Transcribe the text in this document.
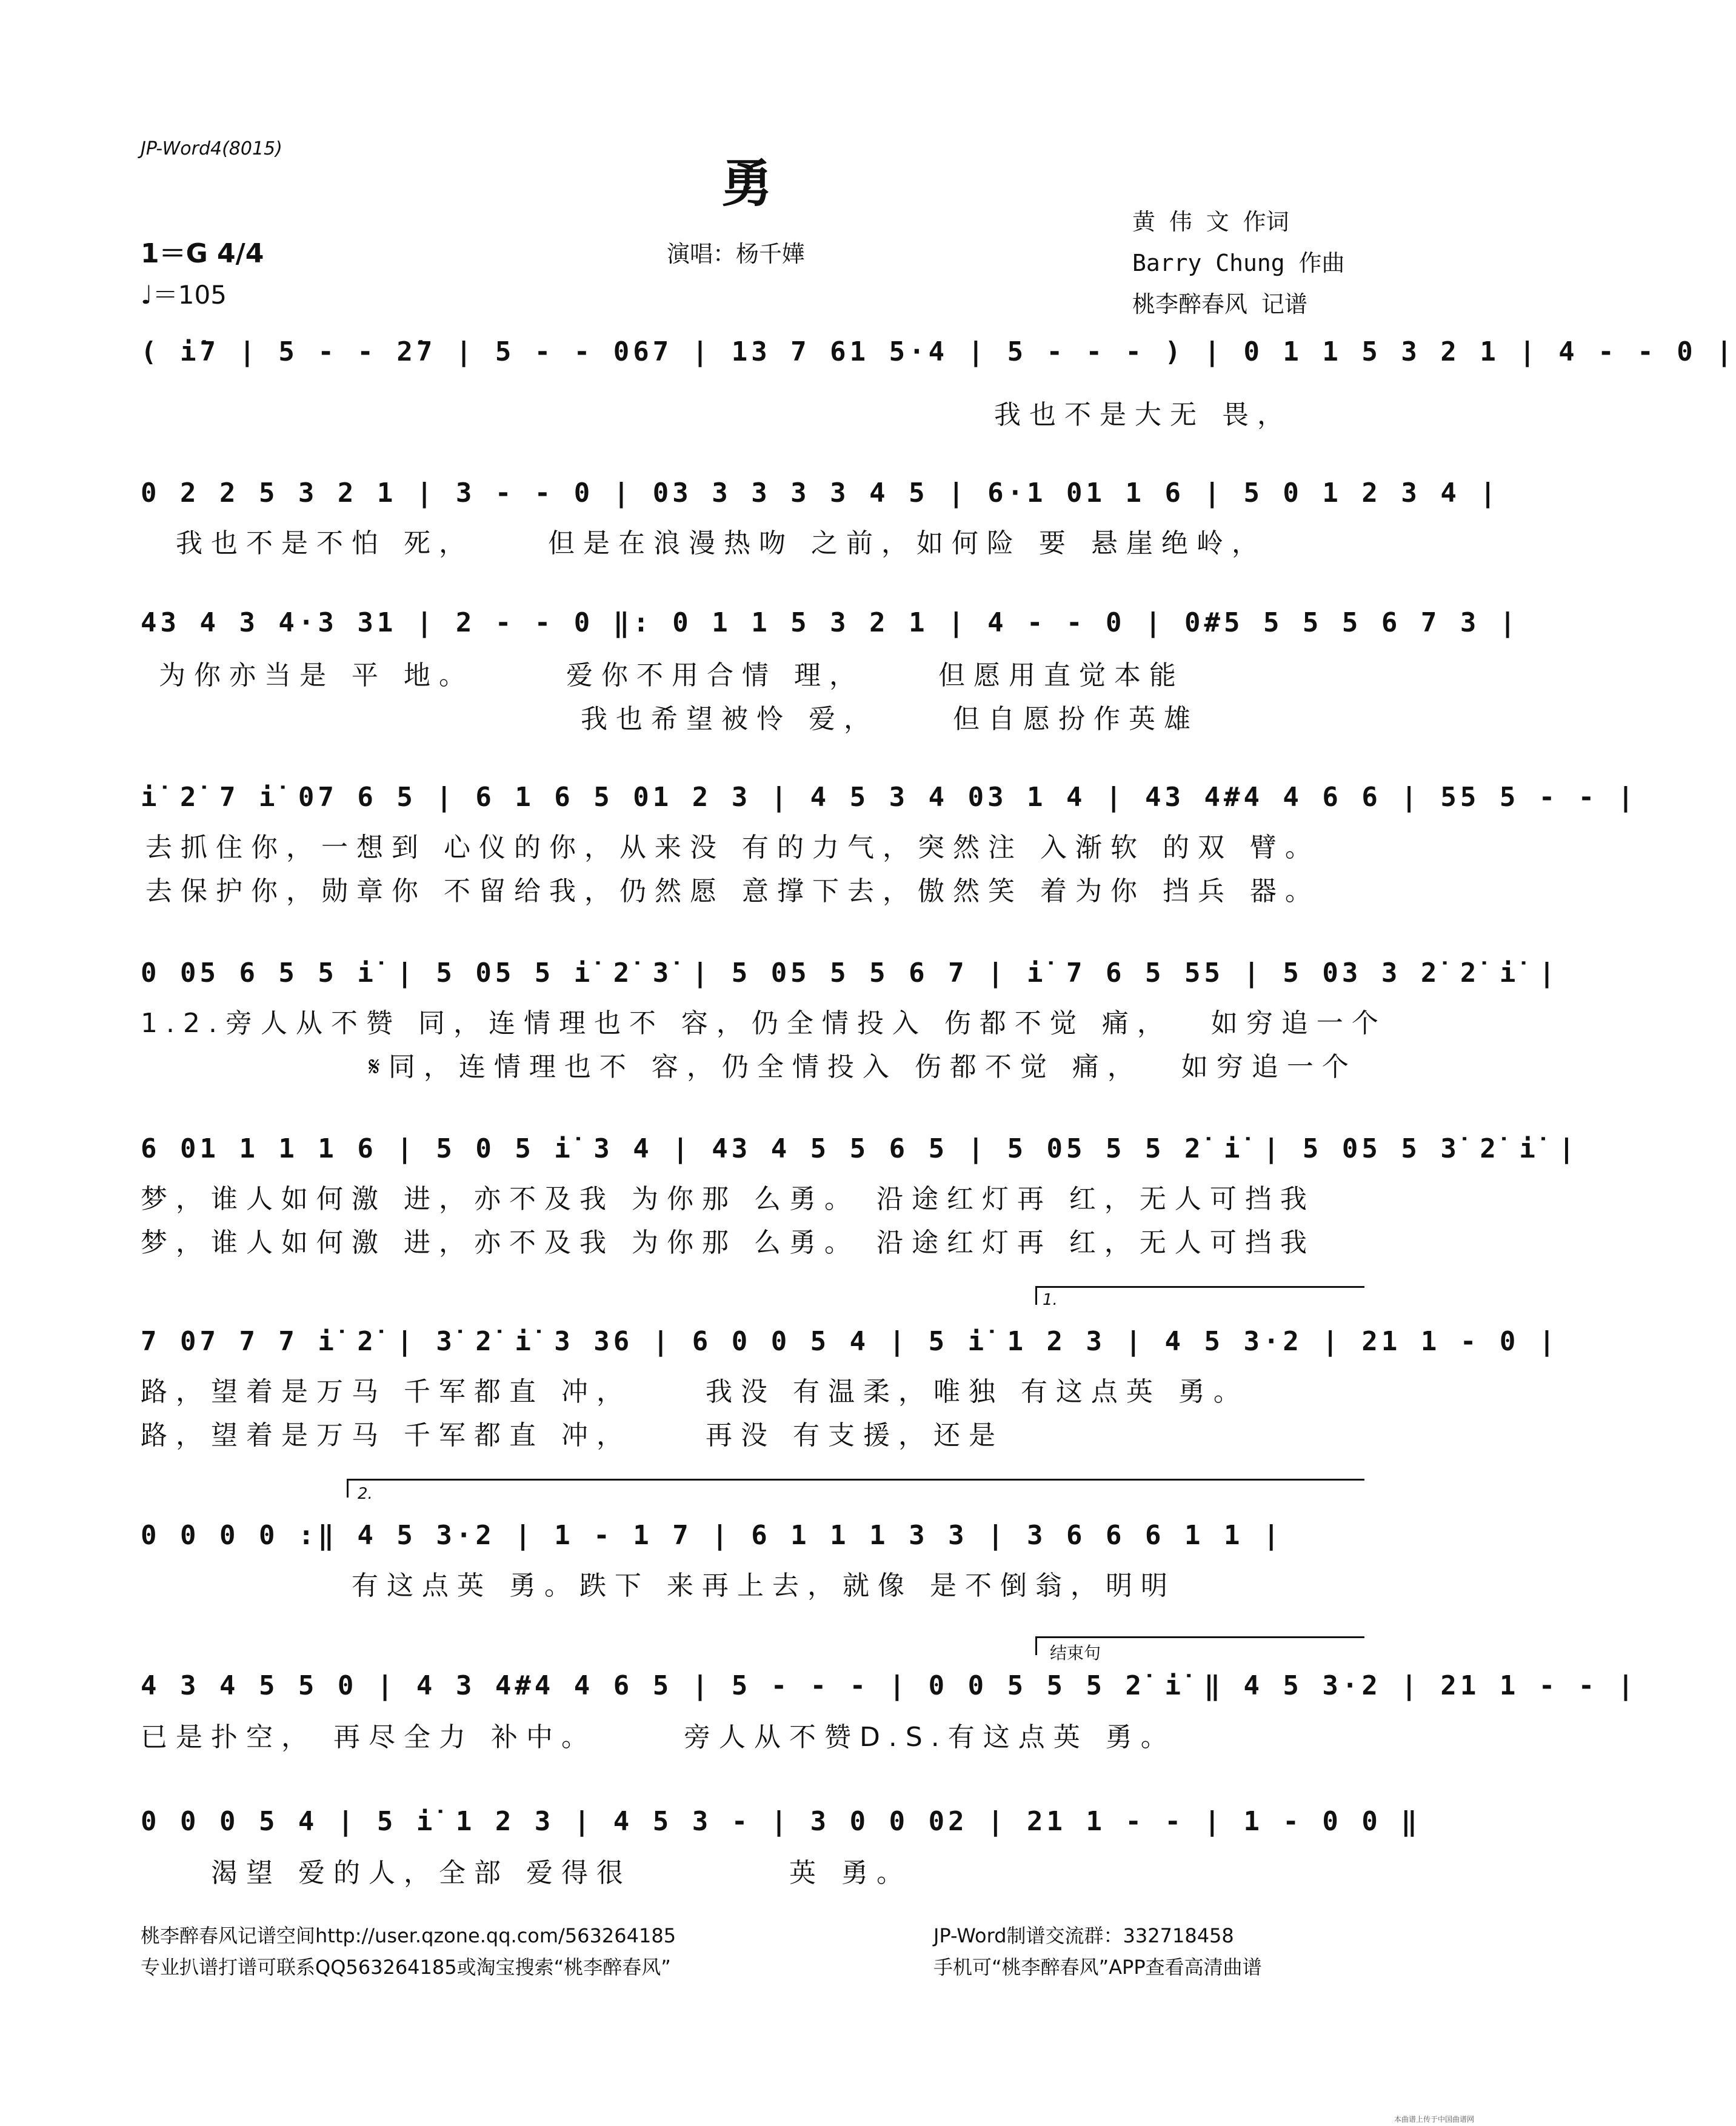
JP-Word4(8015)
勇
1＝G 4/4
♩＝105
演唱：杨千嬅
黄 伟 文 作词
Barry Chung 作曲
桃李醉春风 记谱
( i̇7 | 5 - - 2̇7 | 5 - - 067 | 13 7 61 5·4 | 5 - - - ) | 0 1 1 5 3 2 1 | 4 - - 0 |
我也不是大无 畏，
0 2 2 5 3 2 1 | 3 - - 0 | 03 3 3 3 3 4 5 | 6·1 01 1 6 | 5 0 1 2 3 4 |
我也不是不怕 死，　　 但是在浪漫热吻 之前，如何险 要 悬崖绝岭，
43 4 3 4·3 31 | 2 - - 0 ‖: 0 1 1 5 3 2 1 | 4 - - 0 | 0#5 5 5 5 6 7 3 |
为你亦当是 平 地。　　　爱你不用合情 理，　　 但愿用直觉本能
　　　　　　　　　　　　我也希望被怜 爱，　　 但自愿扮作英雄
i̇ 2̇ 7 i̇ 07 6 5 | 6 1 6 5 01 2 3 | 4 5 3 4 03 1 4 | 43 4#4 4 6 6 | 55 5 - - |
去抓住你，一想到 心仪的你，从来没 有的力气，突然注 入渐软 的双 臂。
去保护你，勋章你 不留给我，仍然愿 意撑下去，傲然笑 着为你 挡兵 器。
0 05 6 5 5 i̇ | 5 05 5 i̇ 2̇ 3̇ | 5 05 5 5 6 7 | i̇ 7 6 5 55 | 5 03 3 2̇ 2̇ i̇ |
1.2.旁人从不赞 同，连情理也不 容，仍全情投入 伤都不觉 痛，　 如穷追一个
　　　　　　 𝄋同，连情理也不 容，仍全情投入 伤都不觉 痛，　 如穷追一个
6 01 1 1 1 6 | 5 0 5 i̇ 3 4 | 43 4 5 5 6 5 | 5 05 5 5 2̇ i̇ | 5 05 5 3̇ 2̇ i̇ |
梦，谁人如何激 进，亦不及我 为你那 么勇。 沿途红灯再 红，无人可挡我
梦，谁人如何激 进，亦不及我 为你那 么勇。 沿途红灯再 红，无人可挡我
1.
7 07 7 7 i̇ 2̇ | 3̇ 2̇ i̇ 3 36 | 6 0 0 5 4 | 5 i̇ 1 2 3 | 4 5 3·2 | 21 1 - 0 |
路，望着是万马 千军都直 冲，　　 我没 有温柔，唯独 有这点英 勇。
路，望着是万马 千军都直 冲，　　 再没 有支援，还是
2.
0 0 0 0 :‖ 4 5 3·2 | 1 - 1 7 | 6 1 1 1 3 3 | 3 6 6 6 1 1 |
　　　　　　有这点英 勇。跌下 来再上去，就像 是不倒翁，明明
结束句
4 3 4 5 5 0 | 4 3 4#4 4 6 5 | 5 - - - | 0 0 5 5 5 2̇ i̇ ‖ 4 5 3·2 | 21 1 - - |
已是扑空， 再尽全力 补中。 　　旁人从不赞D.S.有这点英 勇。
0 0 0 5 4 | 5 i̇ 1 2 3 | 4 5 3 - | 3 0 0 02 | 21 1 - - | 1 - 0 0 ‖
　　渴望 爱的人，全部 爱得很　　　　 英 勇。
桃李醉春风记谱空间http://user.qzone.qq.com/563264185
专业扒谱打谱可联系QQ563264185或淘宝搜索“桃李醉春风”
JP-Word制谱交流群：332718458
手机可“桃李醉春风”APP查看高清曲谱
本曲谱上传于中国曲谱网
